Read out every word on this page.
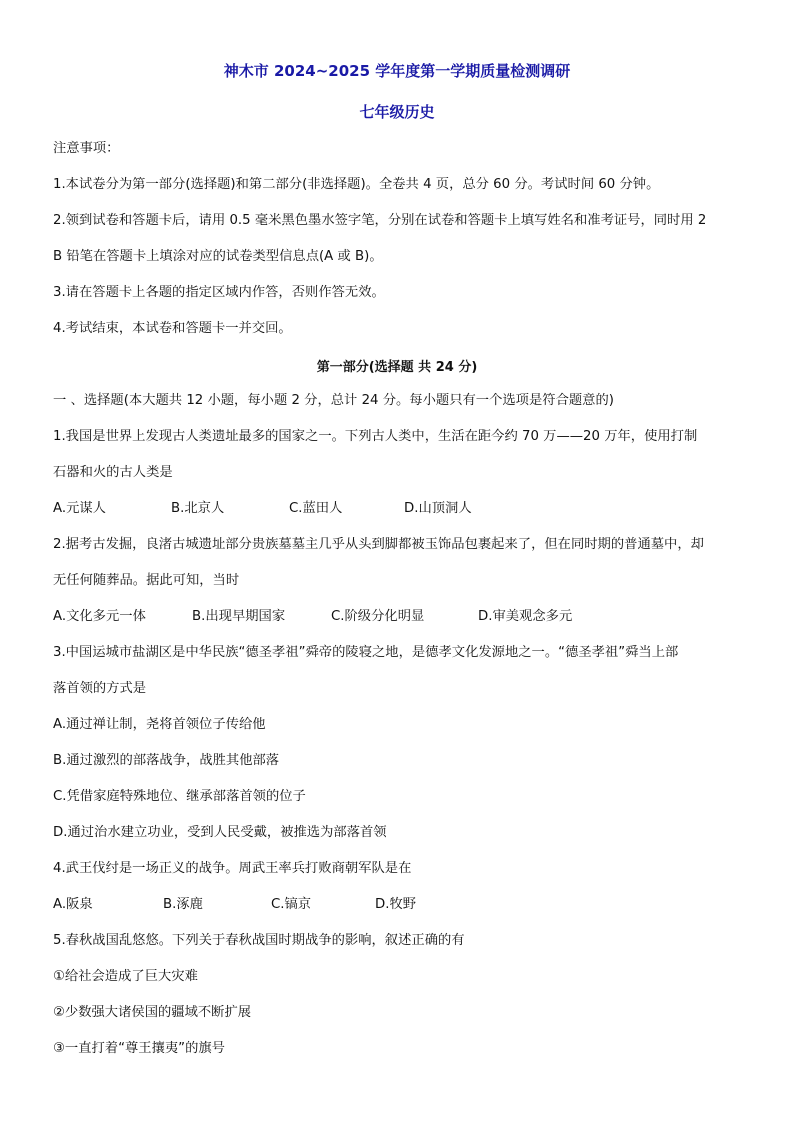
神木市 2024~2025 学年度第一学期质量检测调研
七年级历史
注意事项：
1.本试卷分为第一部分(选择题)和第二部分(非选择题)。全卷共 4 页，总分 60 分。考试时间 60 分钟。
2.领到试卷和答题卡后，请用 0.5 毫米黑色墨水签字笔，分别在试卷和答题卡上填写姓名和准考证号，同时用 2
B 铅笔在答题卡上填涂对应的试卷类型信息点(A 或 B)。
3.请在答题卡上各题的指定区域内作答，否则作答无效。
4.考试结束，本试卷和答题卡一并交回。
第一部分(选择题 共 24 分)
一 、选择题(本大题共 12 小题，每小题 2 分，总计 24 分。每小题只有一个选项是符合题意的)
1.我国是世界上发现古人类遗址最多的国家之一。下列古人类中，生活在距今约 70 万——20 万年，使用打制
石器和火的古人类是
A.元谋人	B.北京人	C.蓝田人	D.山顶洞人
2.据考古发掘，良渚古城遗址部分贵族墓墓主几乎从头到脚都被玉饰品包裹起来了，但在同时期的普通墓中，却
无任何随葬品。据此可知，当时
A.文化多元一体	B.出现早期国家	C.阶级分化明显	D.审美观念多元
3.中国运城市盐湖区是中华民族“德圣孝祖”舜帝的陵寝之地，是德孝文化发源地之一。“德圣孝祖”舜当上部
落首领的方式是
A.通过禅让制，尧将首领位子传给他
B.通过激烈的部落战争，战胜其他部落
C.凭借家庭特殊地位、继承部落首领的位子
D.通过治水建立功业，受到人民受戴，被推选为部落首领
4.武王伐纣是一场正义的战争。周武王率兵打败商朝军队是在
A.阪泉	B.涿鹿	C.镐京	D.牧野
5.春秋战国乱悠悠。下列关于春秋战国时期战争的影响，叙述正确的有
①给社会造成了巨大灾难
②少数强大诸侯国的疆域不断扩展
③一直打着“尊王攘夷”的旗号
